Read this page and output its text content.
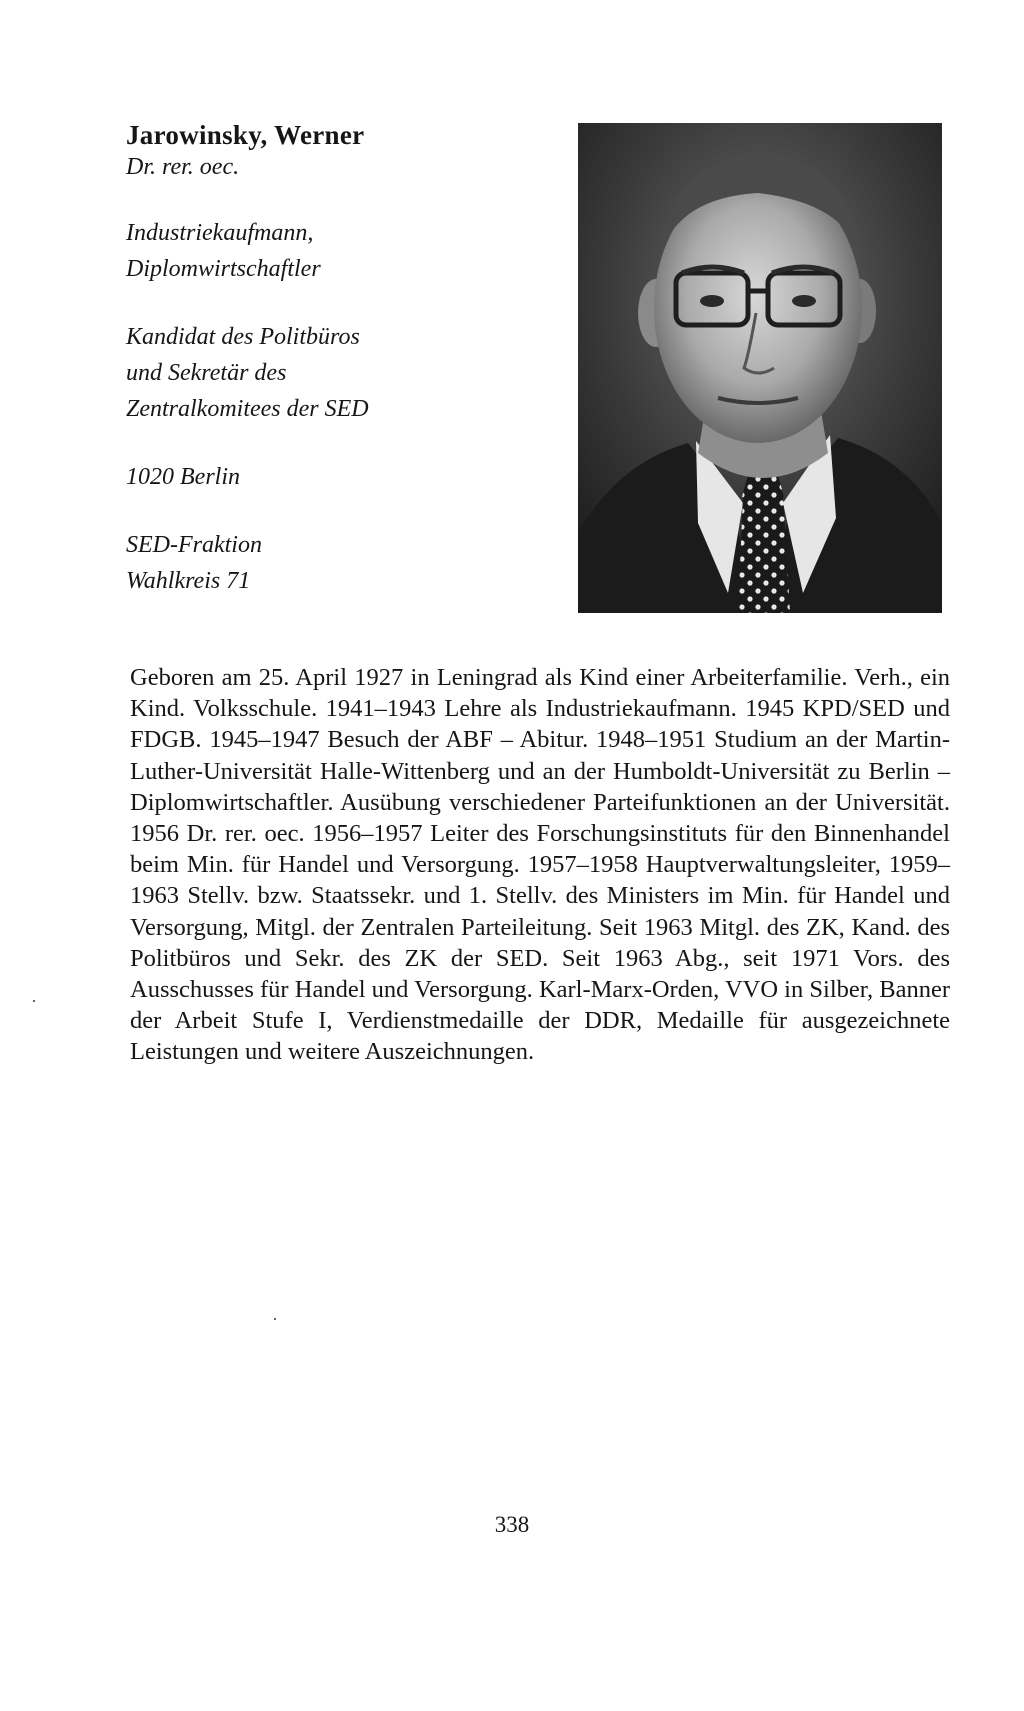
Jarowinsky, Werner

Dr. rer. oec.

Industriekaufmann,

Diplomwirtschaftler

Kandidat des Politbüros

und Sekretär des

Zentralkomitees der SED

1020 Berlin

SED-Fraktion

Wahlkreis 71

Geboren am 25. April 1927 in Leningrad als Kind einer Arbeiterfamilie. Verh., ein Kind. Volksschule. 1941–1943 Lehre als Industriekaufmann. 1945 KPD/SED und FDGB. 1945–1947 Besuch der ABF – Abitur. 1948–1951 Studium an der Martin-Luther-Universität Halle-Wittenberg und an der Humboldt-Universität zu Berlin – Diplomwirtschaftler. Ausübung verschiedener Parteifunktionen an der Universität. 1956 Dr. rer. oec. 1956–1957 Leiter des Forschungsinstituts für den Binnenhandel beim Min. für Handel und Versorgung. 1957–1958 Hauptverwaltungsleiter, 1959–1963 Stellv. bzw. Staatssekr. und 1. Stellv. des Ministers im Min. für Handel und Versorgung, Mitgl. der Zentralen Parteileitung. Seit 1963 Mitgl. des ZK, Kand. des Politbüros und Sekr. des ZK der SED. Seit 1963 Abg., seit 1971 Vors. des Ausschusses für Handel und Versorgung. Karl-Marx-Orden, VVO in Silber, Banner der Arbeit Stufe I, Verdienstmedaille der DDR, Medaille für ausgezeichnete Leistungen und weitere Auszeichnungen.

338
